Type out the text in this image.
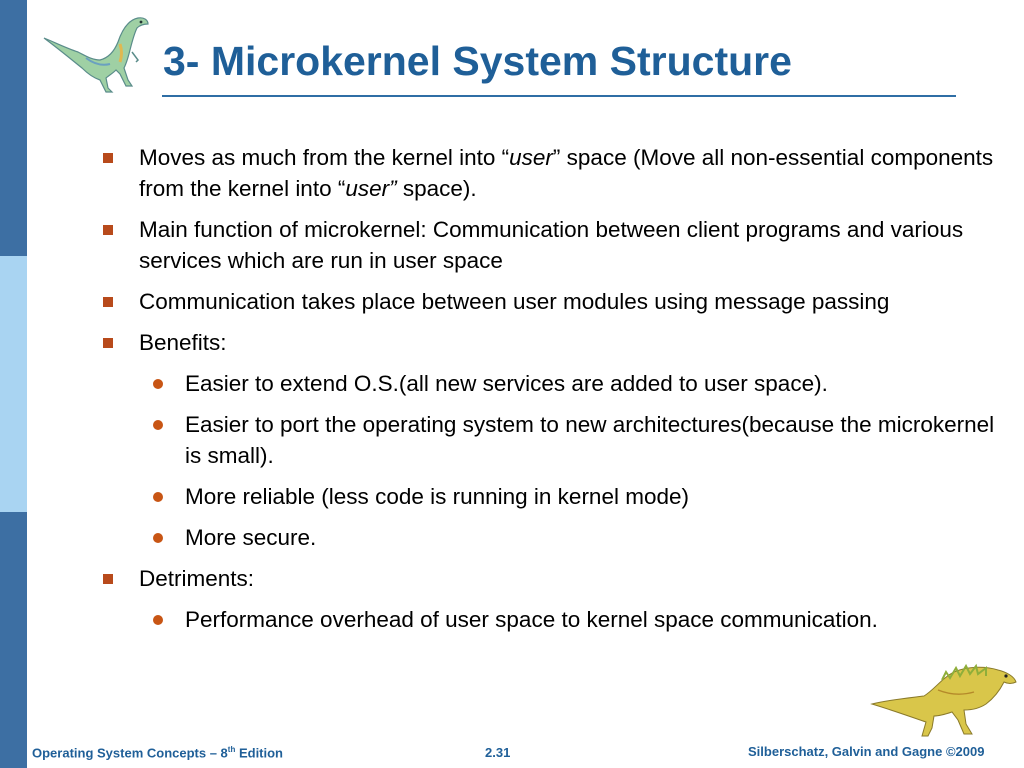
3- Microkernel System Structure
Moves as much from the kernel into “user” space (Move all non-essential components from the kernel into “user” space).
Main function of microkernel: Communication between client programs and various services which are run in user space
Communication takes place between user modules using message passing
Benefits:
Easier to extend O.S.(all new services are added to user space).
Easier to port the operating system to new architectures(because the microkernel is small).
More reliable (less code is running in kernel mode)
More secure.
Detriments:
Performance overhead of user space to kernel space communication.
Operating System Concepts – 8th Edition	2.31	Silberschatz, Galvin and Gagne ©2009
